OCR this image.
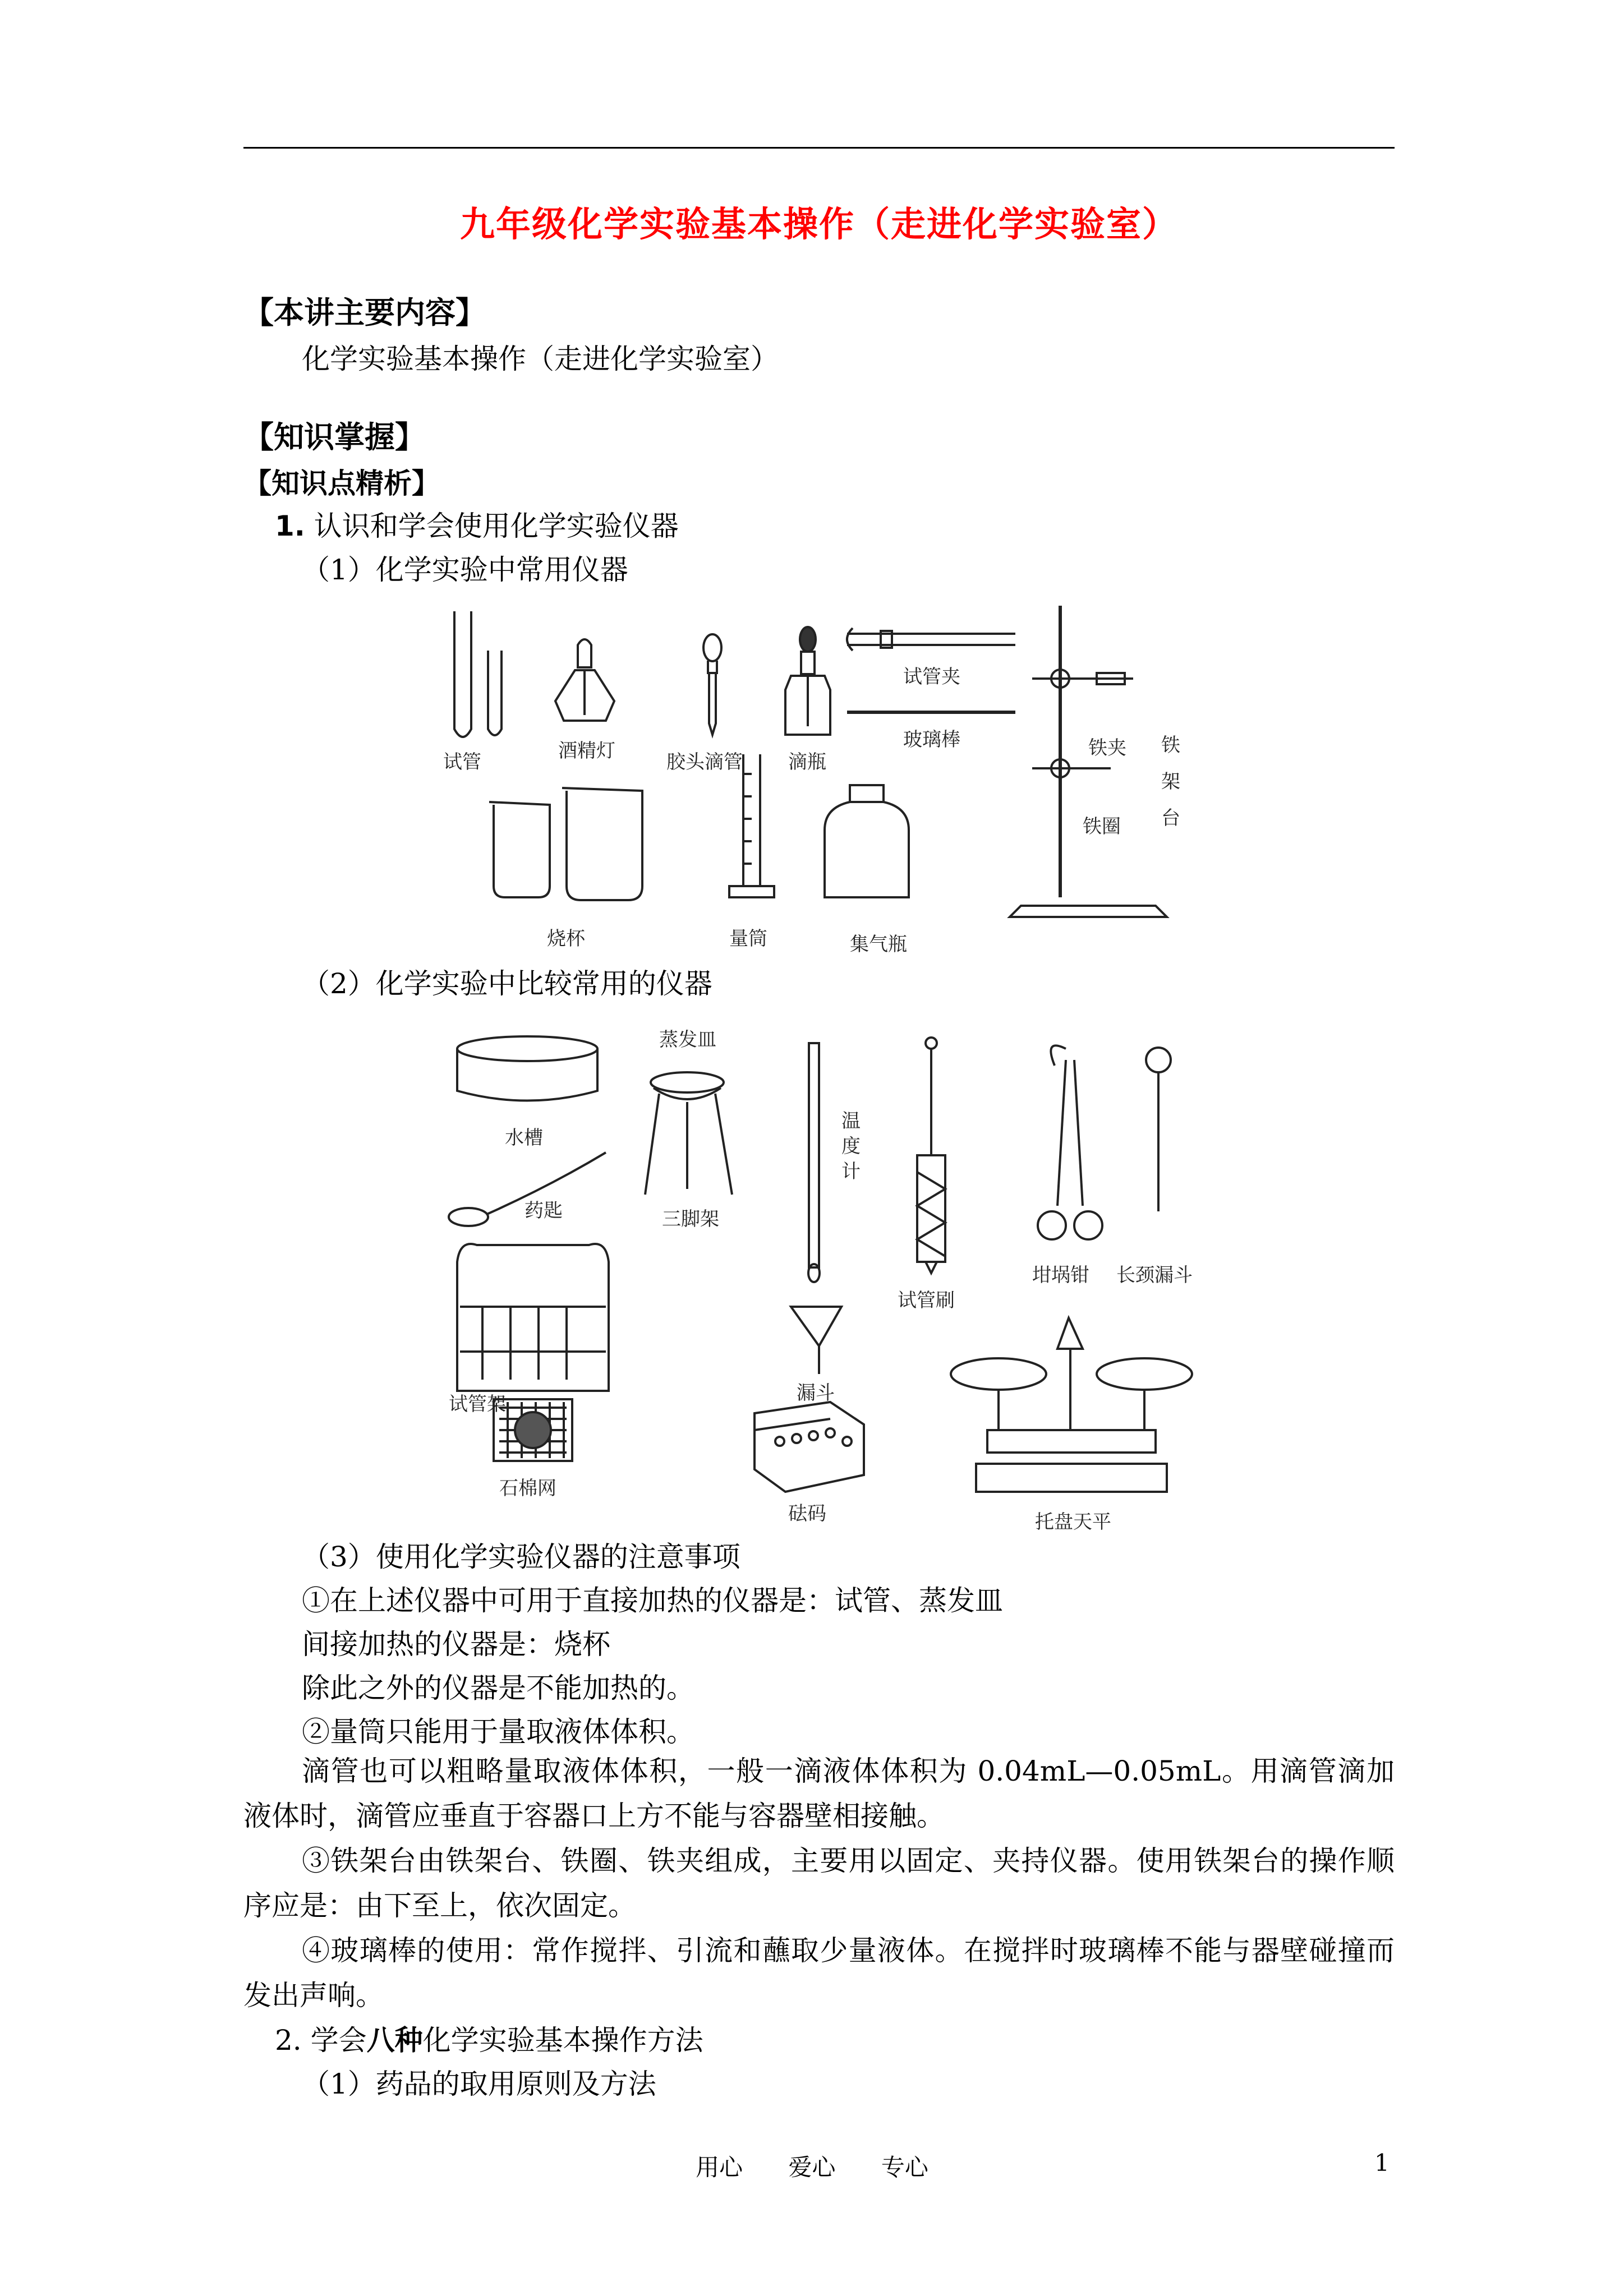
九年级化学实验基本操作（走进化学实验室）
【本讲主要内容】
化学实验基本操作（走进化学实验室）
【知识掌握】
【知识点精析】
1. 认识和学会使用化学实验仪器
（1）化学实验中常用仪器
试管	酒精灯	胶头滴管 滴瓶
试管夹
玻璃棒	铁夹
铁圈
铁
架
台
烧杯	量筒	集气瓶
（2）化学实验中比较常用的仪器
水槽
蒸发皿
药匙	三脚架
温
度
计
试管刷
坩埚钳 长颈漏斗
试管架	漏斗
石棉网
砝码	托盘天平
（3）使用化学实验仪器的注意事项
①在上述仪器中可用于直接加热的仪器是：试管、蒸发皿
间接加热的仪器是：烧杯
除此之外的仪器是不能加热的。
②量筒只能用于量取液体体积。
滴管也可以粗略量取液体体积，一般一滴液体体积为 0.04mL—0.05mL。用滴管滴加液体时，滴管应垂直于容器口上方不能与容器壁相接触。
③铁架台由铁架台、铁圈、铁夹组成，主要用以固定、夹持仪器。使用铁架台的操作顺序应是：由下至上，依次固定。
④玻璃棒的使用：常作搅拌、引流和蘸取少量液体。在搅拌时玻璃棒不能与器壁碰撞而发出声响。
2. 学会八种化学实验基本操作方法
（1）药品的取用原则及方法
用心 爱心 专心	1
